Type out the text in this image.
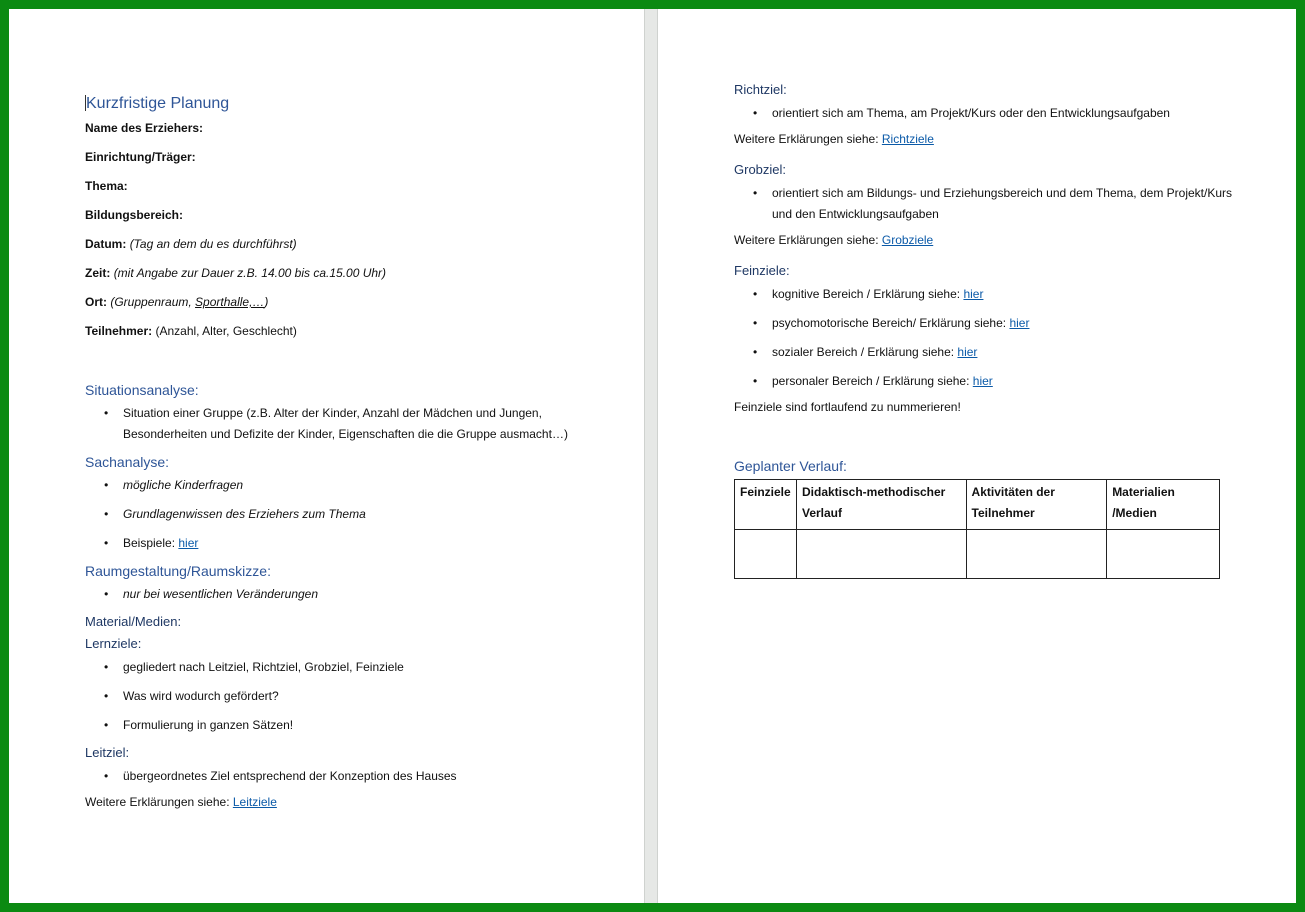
Kurzfristige Planung

Name des Erziehers:

Einrichtung/Träger:

Thema:

Bildungsbereich:

Datum: (Tag an dem du es durchführst)

Zeit: (mit Angabe zur Dauer z.B. 14.00 bis ca.15.00 Uhr)

Ort: (Gruppenraum, Sporthalle,…)

Teilnehmer: (Anzahl, Alter, Geschlecht)

Situationsanalyse:
• Situation einer Gruppe (z.B. Alter der Kinder, Anzahl der Mädchen und Jungen, Besonderheiten und Defizite der Kinder, Eigenschaften die die Gruppe ausmacht…)
Sachanalyse:
• mögliche Kinderfragen
• Grundlagenwissen des Erziehers zum Thema
• Beispiele: hier
Raumgestaltung/Raumskizze:
• nur bei wesentlichen Veränderungen
Material/Medien:
Lernziele:
• gegliedert nach Leitziel, Richtziel, Grobziel, Feinziele
• Was wird wodurch gefördert?
• Formulierung in ganzen Sätzen!
Leitziel:
• übergeordnetes Ziel entsprechend der Konzeption des Hauses

Weitere Erklärungen siehe: Leitziele

Richtziel:
• orientiert sich am Thema, am Projekt/Kurs oder den Entwicklungsaufgaben

Weitere Erklärungen siehe: Richtziele

Grobziel:
• orientiert sich am Bildungs- und Erziehungsbereich und dem Thema, dem Projekt/Kurs und den Entwicklungsaufgaben

Weitere Erklärungen siehe: Grobziele

Feinziele:
• kognitive Bereich / Erklärung siehe: hier
• psychomotorische Bereich/ Erklärung siehe: hier
• sozialer Bereich / Erklärung siehe: hier
• personaler Bereich / Erklärung siehe: hier

Feinziele sind fortlaufend zu nummerieren!

Geplanter Verlauf:
Feinziele	Didaktisch-methodischer Verlauf	Aktivitäten der Teilnehmer	Materialien /Medien
